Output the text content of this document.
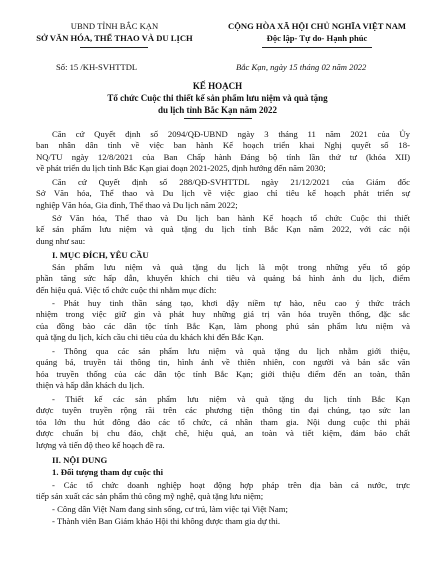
UBND TỈNH BẮC KẠN
SỞ VĂN HÓA, THỂ THAO VÀ DU LỊCH
CỘNG HÒA XÃ HỘI CHỦ NGHĨA VIỆT NAM
Độc lập- Tự do- Hạnh phúc
Số: 15 /KH-SVHTTDL	Bắc Kạn, ngày 15 tháng 02 năm 2022
KẾ HOẠCH
Tổ chức Cuộc thi thiết kế sản phẩm lưu niệm và quà tặng
du lịch tỉnh Bắc Kạn năm 2022
Căn cứ Quyết định số 2094/QĐ-UBND ngày 3 tháng 11 năm 2021 của Ủy
ban nhân dân tỉnh về việc ban hành Kế hoạch triển khai Nghị quyết số 18-
NQ/TU ngày 12/8/2021 của Ban Chấp hành Đảng bộ tỉnh lần thứ tư (khóa XII)
về phát triển du lịch tỉnh Bắc Kạn giai đoạn 2021-2025, định hướng đến năm 2030;
Căn cứ Quyết định số 288/QĐ-SVHTTDL ngày 21/12/2021 của Giám đốc
Sở Văn hóa, Thể thao và Du lịch về việc giao chỉ tiêu kế hoạch phát triển sự
nghiệp Văn hóa, Gia đình, Thể thao và Du lịch năm 2022;
Sở Văn hóa, Thể thao và Du lịch ban hành Kế hoạch tổ chức Cuộc thi thiết
kế sản phẩm lưu niệm và quà tặng du lịch tỉnh Bắc Kạn năm 2022, với các nội
dung như sau:
I. MỤC ĐÍCH, YÊU CẦU
Sản phẩm lưu niệm và quà tặng du lịch là một trong những yếu tố góp
phần tăng sức hấp dẫn, khuyến khích chi tiêu và quảng bá hình ảnh du lịch, điểm
đến hiệu quả. Việc tổ chức cuộc thi nhằm mục đích:
- Phát huy tinh thần sáng tạo, khơi dậy niềm tự hào, nêu cao ý thức trách
nhiệm trong việc giữ gìn và phát huy những giá trị văn hóa truyền thống, đặc sắc
của đồng bào các dân tộc tỉnh Bắc Kạn, làm phong phú sản phẩm lưu niệm và
quà tặng du lịch, kích cầu chi tiêu của du khách khi đến Bắc Kạn.
- Thông qua các sản phẩm lưu niệm và quà tặng du lịch nhằm giới thiệu,
quảng bá, truyền tải thông tin, hình ảnh về thiên nhiên, con người và bản sắc văn
hóa truyền thống của các dân tộc tỉnh Bắc Kạn; giới thiệu điểm đến an toàn, thân
thiện và hấp dẫn khách du lịch.
- Thiết kế các sản phẩm lưu niệm và quà tặng du lịch tỉnh Bắc Kạn
được tuyên truyền rộng rãi trên các phương tiện thông tin đại chúng, tạo sức lan
tỏa lớn thu hút đông đảo các tổ chức, cá nhân tham gia. Nội dung cuộc thi phải
được chuẩn bị chu đáo, chặt chẽ, hiệu quả, an toàn và tiết kiệm, đảm bảo chất
lượng và tiến độ theo kế hoạch đề ra.
II. NỘI DUNG
1. Đối tượng tham dự cuộc thi
- Các tổ chức doanh nghiệp hoạt động hợp pháp trên địa bàn cả nước, trực
tiếp sản xuất các sản phẩm thủ công mỹ nghệ, quà tặng lưu niệm;
- Công dân Việt Nam đang sinh sống, cư trú, làm việc tại Việt Nam;
- Thành viên Ban Giám khảo Hội thi không được tham gia dự thi.
